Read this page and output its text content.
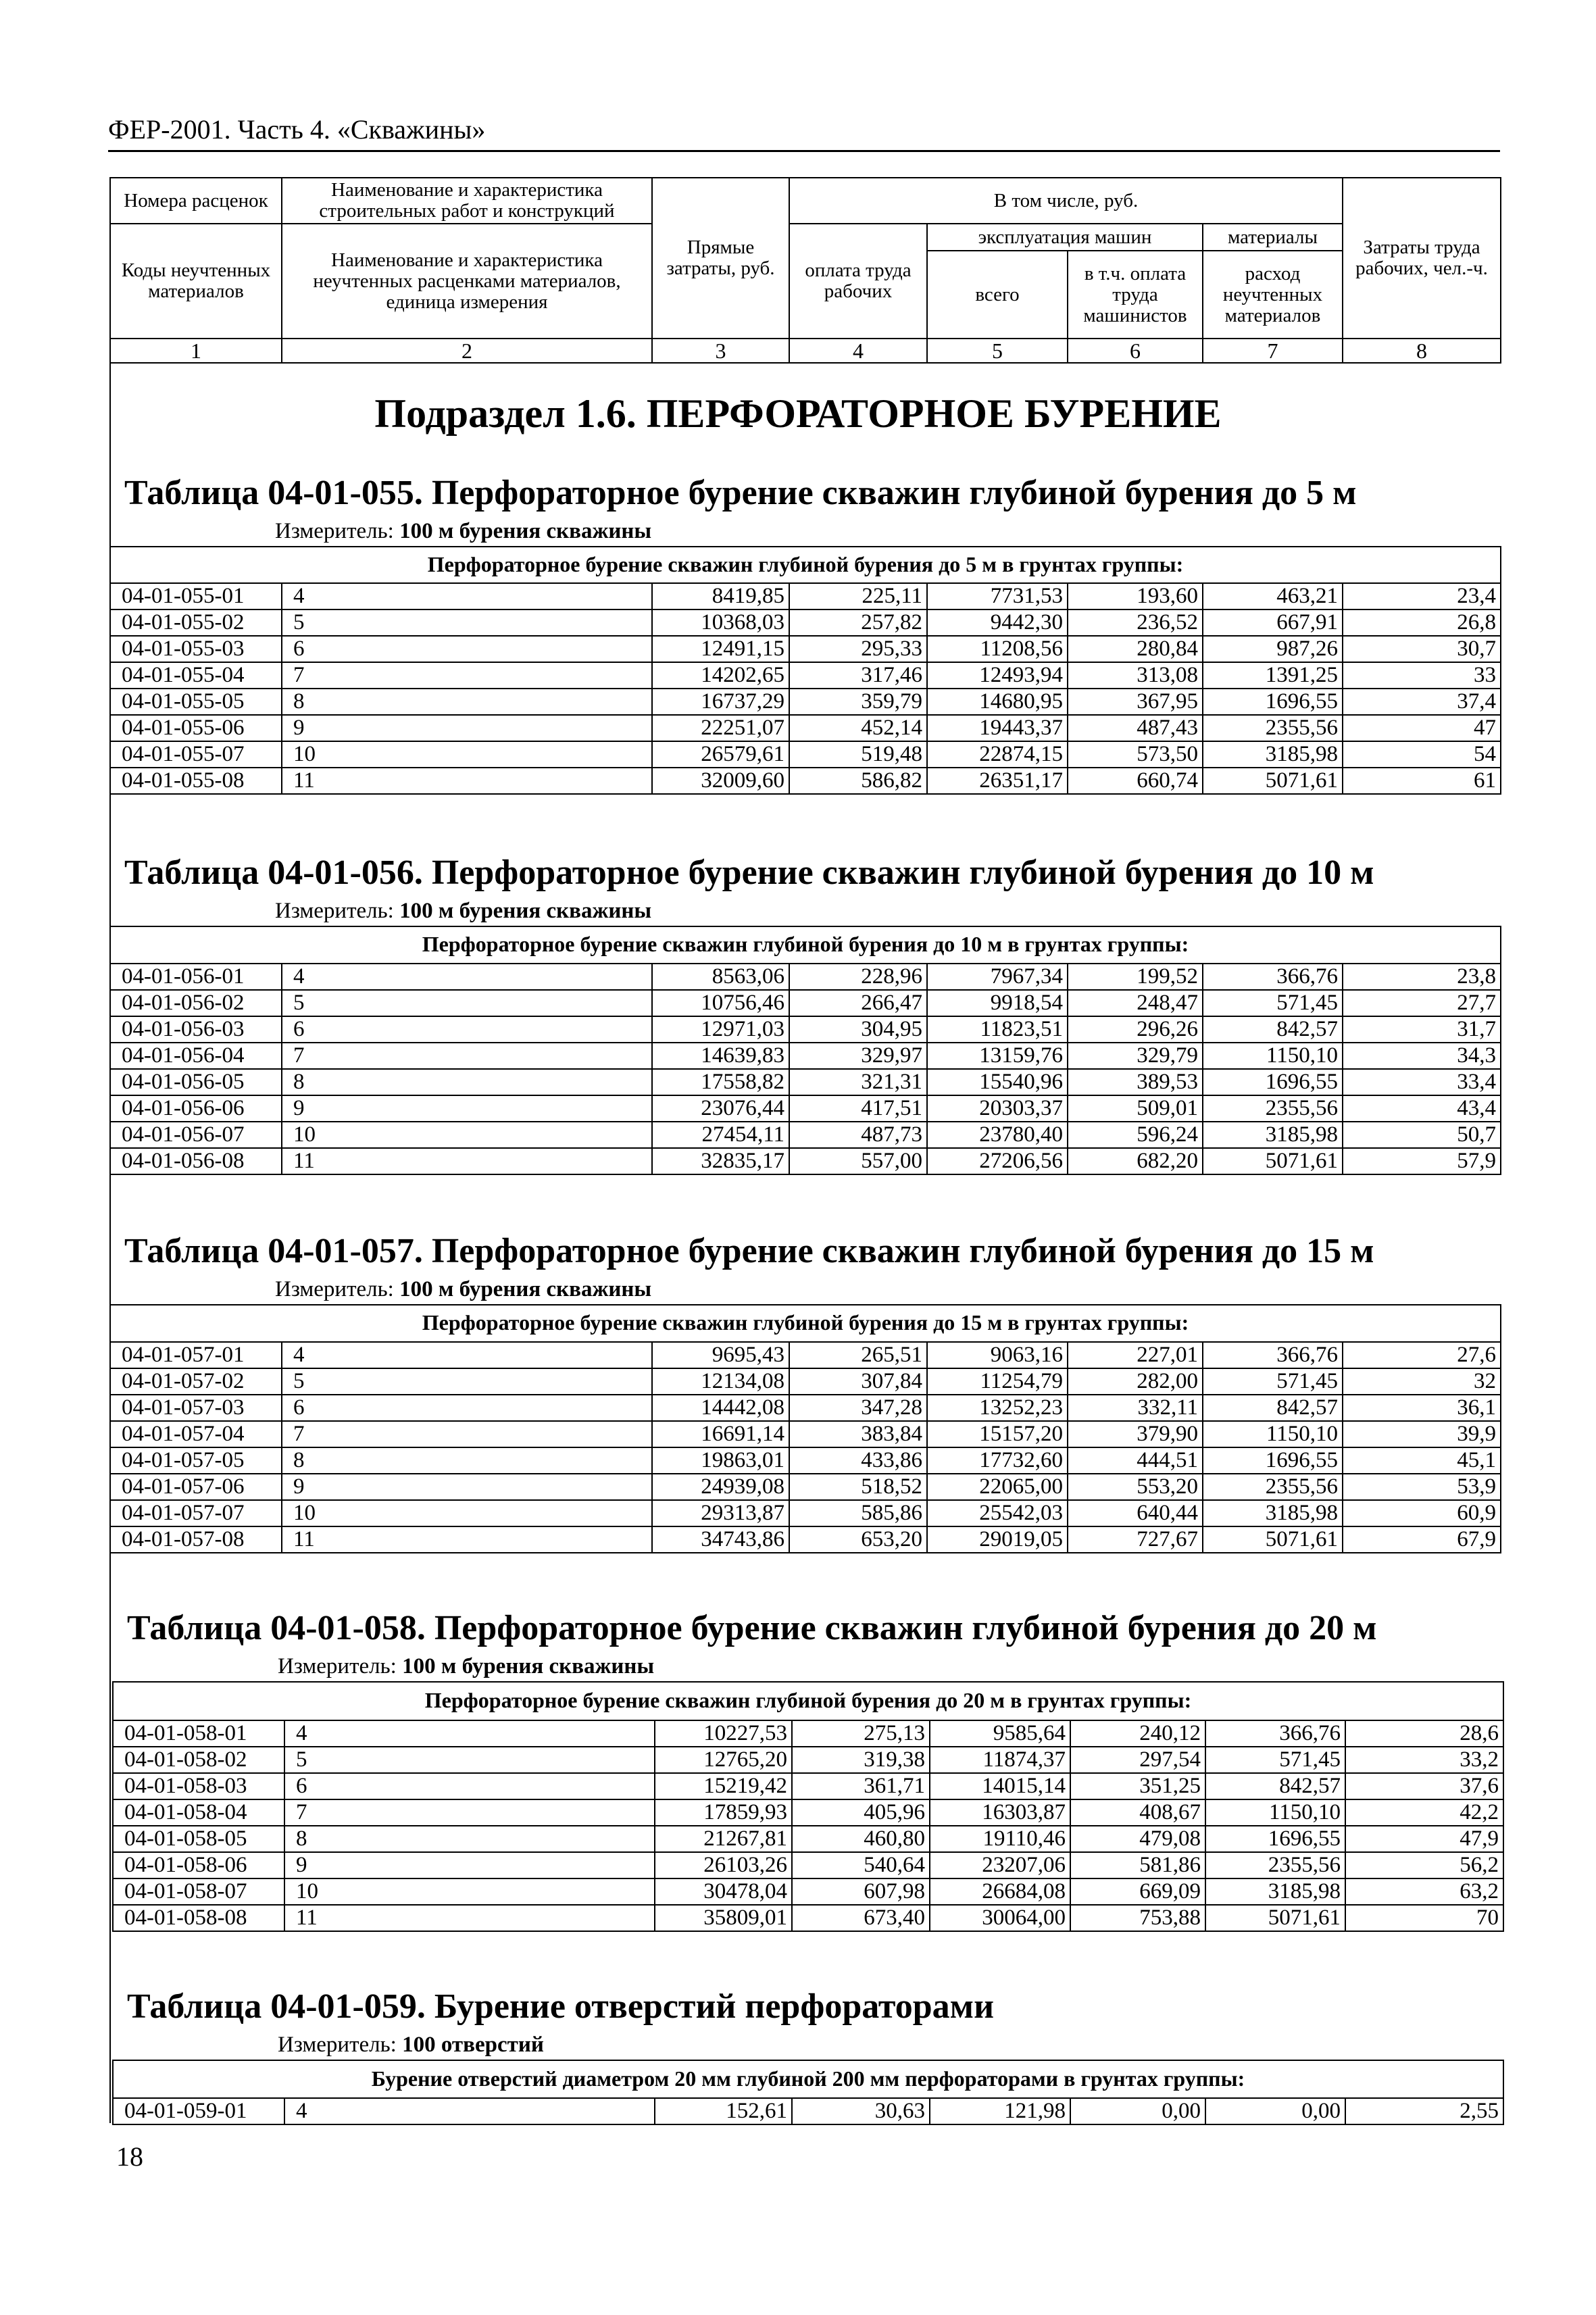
ФЕР-2001. Часть 4. «Скважины»
Номера расценок	Наименование и характеристика строительных работ и конструкций	Прямые затраты, руб.	В том числе, руб.				Затраты труда рабочих, чел.-ч.
Коды неучтенных материалов	Наименование и характеристика неучтенных расценками материалов, единица измерения		оплата труда рабочих	эксплуатация машин		материалы	
				всего	в т.ч. оплата труда машинистов	расход неучтенных материалов	
1	2	3	4	5	6	7	8
Подраздел 1.6. ПЕРФОРАТОРНОЕ БУРЕНИЕ
Таблица 04-01-055. Перфораторное бурение скважин глубиной бурения до 5 м
Измеритель: 100 м бурения скважины
Перфораторное бурение скважин глубиной бурения до 5 м в грунтах группы:
04-01-055-01	4	8419,85	225,11	7731,53	193,60	463,21	23,4
04-01-055-02	5	10368,03	257,82	9442,30	236,52	667,91	26,8
04-01-055-03	6	12491,15	295,33	11208,56	280,84	987,26	30,7
04-01-055-04	7	14202,65	317,46	12493,94	313,08	1391,25	33
04-01-055-05	8	16737,29	359,79	14680,95	367,95	1696,55	37,4
04-01-055-06	9	22251,07	452,14	19443,37	487,43	2355,56	47
04-01-055-07	10	26579,61	519,48	22874,15	573,50	3185,98	54
04-01-055-08	11	32009,60	586,82	26351,17	660,74	5071,61	61
Таблица 04-01-056. Перфораторное бурение скважин глубиной бурения до 10 м
Измеритель: 100 м бурения скважины
Перфораторное бурение скважин глубиной бурения до 10 м в грунтах группы:
04-01-056-01	4	8563,06	228,96	7967,34	199,52	366,76	23,8
04-01-056-02	5	10756,46	266,47	9918,54	248,47	571,45	27,7
04-01-056-03	6	12971,03	304,95	11823,51	296,26	842,57	31,7
04-01-056-04	7	14639,83	329,97	13159,76	329,79	1150,10	34,3
04-01-056-05	8	17558,82	321,31	15540,96	389,53	1696,55	33,4
04-01-056-06	9	23076,44	417,51	20303,37	509,01	2355,56	43,4
04-01-056-07	10	27454,11	487,73	23780,40	596,24	3185,98	50,7
04-01-056-08	11	32835,17	557,00	27206,56	682,20	5071,61	57,9
Таблица 04-01-057. Перфораторное бурение скважин глубиной бурения до 15 м
Измеритель: 100 м бурения скважины
Перфораторное бурение скважин глубиной бурения до 15 м в грунтах группы:
04-01-057-01	4	9695,43	265,51	9063,16	227,01	366,76	27,6
04-01-057-02	5	12134,08	307,84	11254,79	282,00	571,45	32
04-01-057-03	6	14442,08	347,28	13252,23	332,11	842,57	36,1
04-01-057-04	7	16691,14	383,84	15157,20	379,90	1150,10	39,9
04-01-057-05	8	19863,01	433,86	17732,60	444,51	1696,55	45,1
04-01-057-06	9	24939,08	518,52	22065,00	553,20	2355,56	53,9
04-01-057-07	10	29313,87	585,86	25542,03	640,44	3185,98	60,9
04-01-057-08	11	34743,86	653,20	29019,05	727,67	5071,61	67,9
Таблица 04-01-058. Перфораторное бурение скважин глубиной бурения до 20 м
Измеритель: 100 м бурения скважины
Перфораторное бурение скважин глубиной бурения до 20 м в грунтах группы:
04-01-058-01	4	10227,53	275,13	9585,64	240,12	366,76	28,6
04-01-058-02	5	12765,20	319,38	11874,37	297,54	571,45	33,2
04-01-058-03	6	15219,42	361,71	14015,14	351,25	842,57	37,6
04-01-058-04	7	17859,93	405,96	16303,87	408,67	1150,10	42,2
04-01-058-05	8	21267,81	460,80	19110,46	479,08	1696,55	47,9
04-01-058-06	9	26103,26	540,64	23207,06	581,86	2355,56	56,2
04-01-058-07	10	30478,04	607,98	26684,08	669,09	3185,98	63,2
04-01-058-08	11	35809,01	673,40	30064,00	753,88	5071,61	70
Таблица 04-01-059. Бурение отверстий перфораторами
Измеритель: 100 отверстий
Бурение отверстий диаметром 20 мм глубиной 200 мм перфораторами в грунтах группы:
04-01-059-01	4	152,61	30,63	121,98	0,00	0,00	2,55
18
